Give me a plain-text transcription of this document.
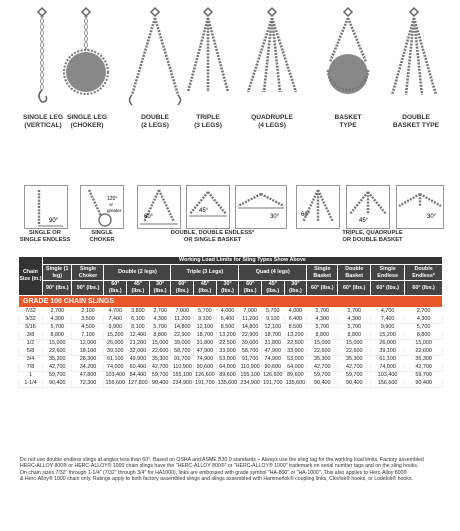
SINGLE LEG
(VERTICAL)
SINGLE LEG
(CHOKER)
DOUBLE
(2 LEGS)
TRIPLE
(3 LEGS)
QUADRUPLE
(4 LEGS)
BASKET
TYPE
DOUBLE
BASKET TYPE
90°
120°
or
greater
60°
45°
30°	60°
45°
30°
SINGLE OR
SINGLE ENDLESS
SINGLE
CHOKER
DOUBLE, DOUBLE ENDLESS*
OR SINGLE BASKET
TRIPLE, QUADRUPLE
OR DOUBLE BASKET
Chain Size (in.)	Working Load Limits for Sling Types Show Above														
	Single (1 leg)	Single Choker	Double (2 legs)			Triple (3 Legs)			Quad (4 legs)			Single Basket	Double Basket	Single Endless	Double Endless*
	90° (lbs.)	90° (lbs.)	60° (lbs.)	45° (lbs.)	30° (lbs.)	60° (lbs.)	45° (lbs.)	30° (lbs.)	60° (lbs.)	45° (lbs.)	30° (lbs.)	60° (lbs.)	60° (lbs.)	60° (lbs.)	60° (lbs.)
GRADE 100 CHAIN SLINGS															
7/32	2,700	2,100	4,700	3,800	2,700	7,000	5,700	4,000	7,000	5,700	4,000	2,700	2,700	4,700	2,700
9/32	4,300	3,500	7,400	6,100	4,300	11,200	9,100	6,400	11,200	9,100	6,400	4,300	4,300	7,400	4,300
5/16	5,700	4,500	9,900	8,100	5,700	14,800	12,100	8,500	14,800	12,100	8,500	5,700	5,700	9,900	5,700
3/8	8,800	7,100	15,200	12,400	8,800	22,900	18,700	13,200	22,900	18,700	13,200	8,800	8,800	15,200	8,800
1/2	15,000	12,000	26,000	21,200	15,000	39,000	31,800	22,500	39,000	31,800	22,500	15,000	15,000	26,000	15,000
5/8	22,600	18,100	39,100	32,000	22,600	58,700	47,900	33,900	58,700	47,900	33,900	22,600	22,600	39,100	22,600
3/4	35,300	28,300	61,100	49,900	35,300	91,700	74,900	53,000	91,700	74,900	53,000	35,300	35,300	61,100	35,300
7/8	42,700	34,200	74,000	60,400	42,700	110,900	90,600	64,000	110,900	90,600	64,000	42,700	42,700	74,000	42,700
1	59,700	47,800	103,400	84,400	59,700	155,100	126,600	89,600	155,100	126,600	89,600	59,700	59,700	103,400	59,700
1-1/4	90,400	72,300	156,600	127,800	90,400	234,900	191,700	135,600	234,900	191,700	135,600	90,400	90,400	156,600	90,400
Do not use double endless slings at angles less than 60°. Based on OSHA and ASME B30.9 standards – Always use the sling tag for the working load limits. Factory assembled
HERC-ALLOY 800® or HERC-ALLOY® 1000 chain slings have the "HERC-ALLOY 800®" or "HERC-ALLOY® 1000" trademark on serial number tags and on the sling hooks.
On chain sizes 7/32" through 1-1/4" (7/32" through 3/4" for HA1000), links are embossed with grade symbol "HA-800" or "HA-1000". This also applies to Herc-Alloy 800®
& Herc-Alloy® 1000 chain only. Ratings apply to both factory assembled slings and slings assembled with Hammerlok® coupling links, Clevlok® hooks, or Lodelok® hooks.
